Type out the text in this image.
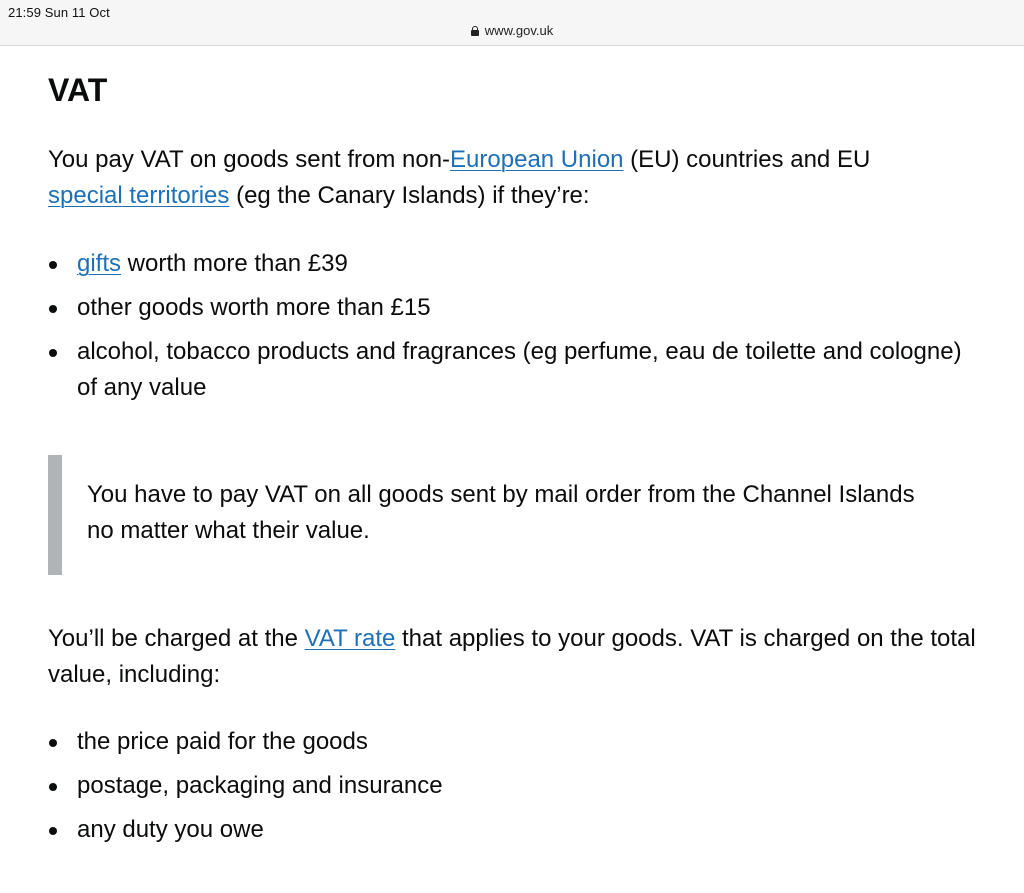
21:59 Sun 11 Oct
www.gov.uk
VAT

You pay VAT on goods sent from non-European Union (EU) countries and EU
special territories (eg the Canary Islands) if they’re:

gifts worth more than £39
other goods worth more than £15
alcohol, tobacco products and fragrances (eg perfume, eau de toilette and cologne) of any value

You have to pay VAT on all goods sent by mail order from the Channel Islands no matter what their value.

You’ll be charged at the VAT rate that applies to your goods. VAT is charged on the total value, including:

the price paid for the goods
postage, packaging and insurance
any duty you owe
